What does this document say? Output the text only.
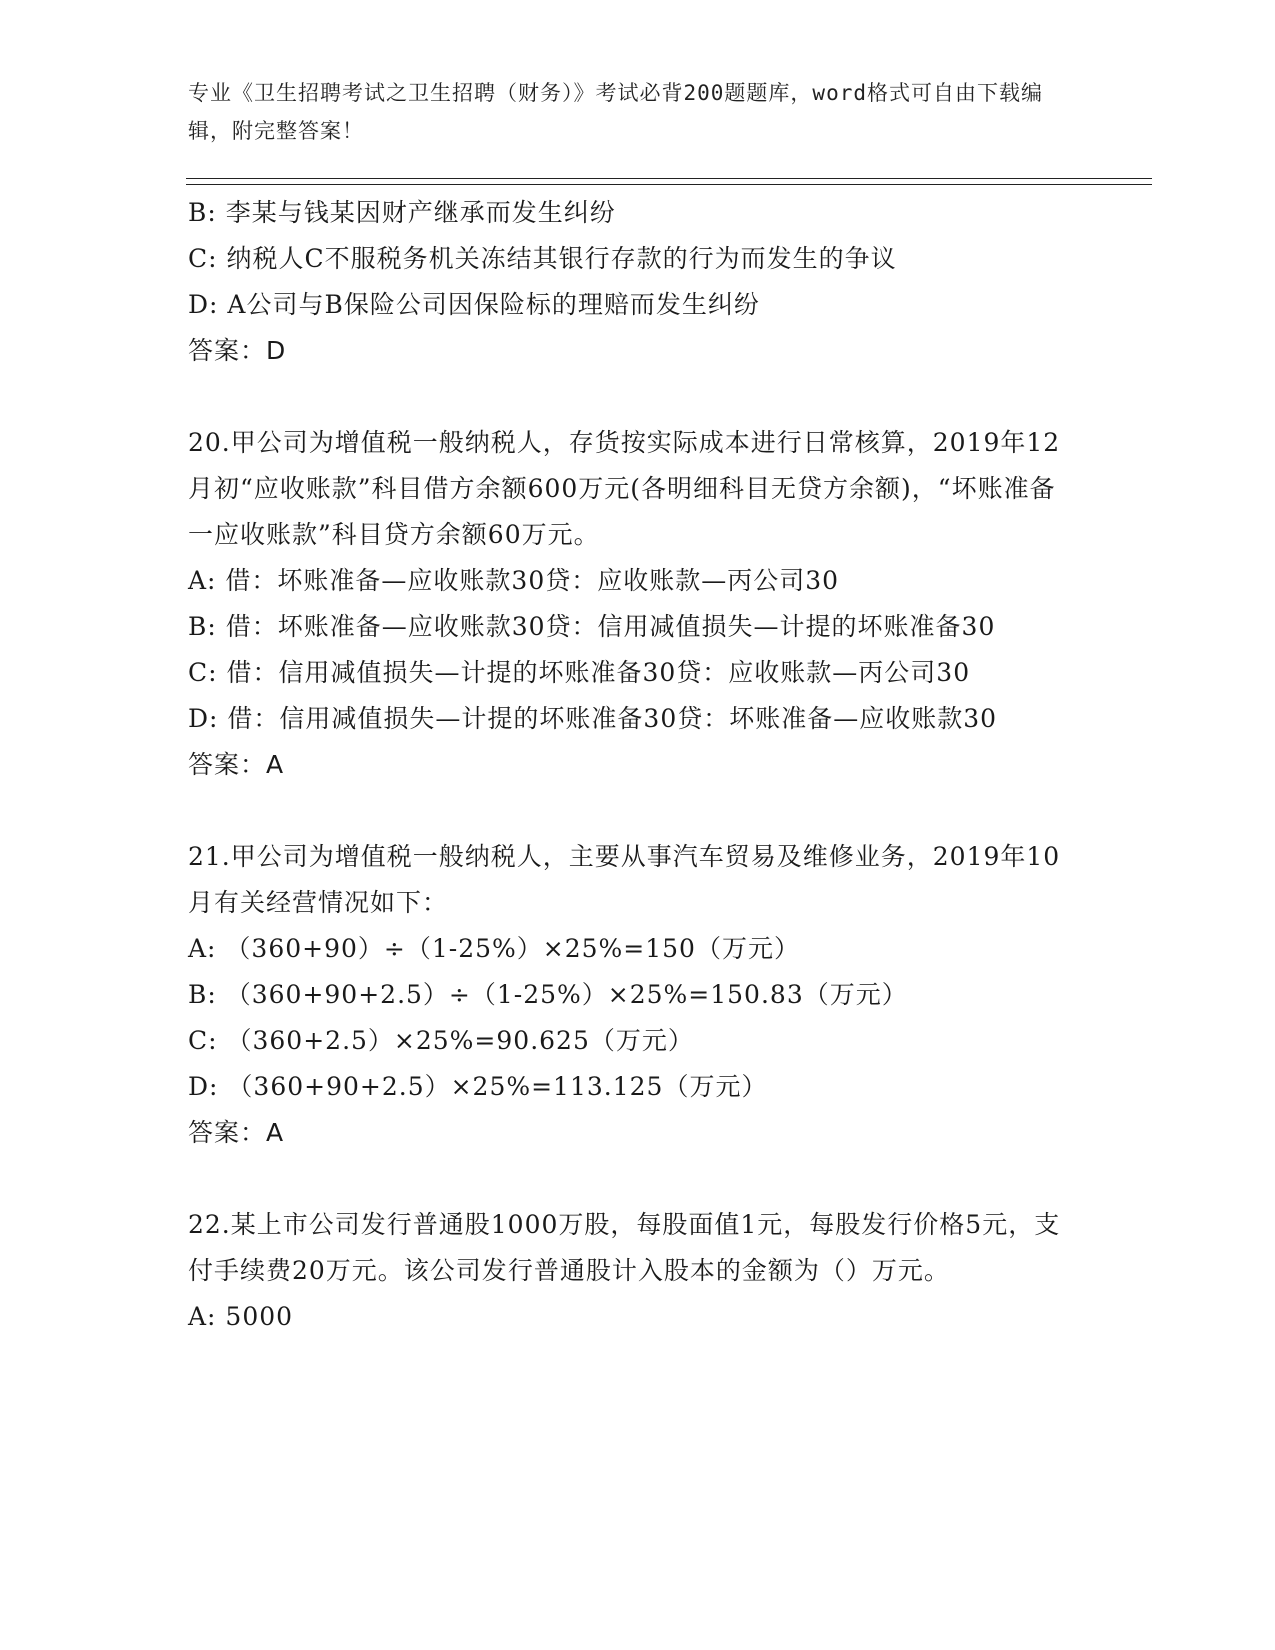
专业《卫生招聘考试之卫生招聘（财务）》考试必背200题题库，word格式可自由下载编辑，附完整答案！

B: 李某与钱某因财产继承而发生纠纷

C: 纳税人C不服税务机关冻结其银行存款的行为而发生的争议

D: A公司与B保险公司因保险标的理赔而发生纠纷

答案：D

20.甲公司为增值税一般纳税人，存货按实际成本进行日常核算，2019年12月初“应收账款”科目借方余额600万元(各明细科目无贷方余额)，“坏账准备一应收账款”科目贷方余额60万元。

A: 借：坏账准备—应收账款30贷：应收账款—丙公司30

B: 借：坏账准备—应收账款30贷：信用减值损失—计提的坏账准备30

C: 借：信用减值损失—计提的坏账准备30贷：应收账款—丙公司30

D: 借：信用减值损失—计提的坏账准备30贷：坏账准备—应收账款30

答案：A

21.甲公司为增值税一般纳税人，主要从事汽车贸易及维修业务，2019年10月有关经营情况如下：

A: （360+90）÷（1-25%）×25%=150（万元）

B: （360+90+2.5）÷（1-25%）×25%=150.83（万元）

C: （360+2.5）×25%=90.625（万元）

D: （360+90+2.5）×25%=113.125（万元）

答案：A

22.某上市公司发行普通股1000万股，每股面值1元，每股发行价格5元，支付手续费20万元。该公司发行普通股计入股本的金额为（）万元。

A: 5000
